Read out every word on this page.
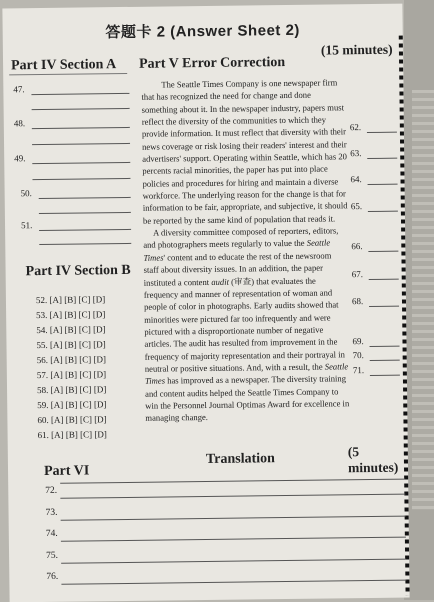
答题卡 2 (Answer Sheet 2)
Part IV Section A
47.
48.
49.
50.
51.
Part IV Section B
52. [A] [B] [C] [D]
53. [A] [B] [C] [D]
54. [A] [B] [C] [D]
55. [A] [B] [C] [D]
56. [A] [B] [C] [D]
57. [A] [B] [C] [D]
58. [A] [B] [C] [D]
59. [A] [B] [C] [D]
60. [A] [B] [C] [D]
61. [A] [B] [C] [D]
Part V Error Correction
(15 minutes)

The Seattle Times Company is one newspaper firm that has recognized the need for change and done something about it. In the newspaper industry, papers must reflect the diversity of the communities to which they provide information. It must reflect that diversity with their news coverage or risk losing their readers' interest and their advertisers' support. Operating within Seattle, which has 20 percents racial minorities, the paper has put into place policies and procedures for hiring and maintain a diverse workforce. The underlying reason for the change is that for information to be fair, appropriate, and subjective, it should be reported by the same kind of population that reads it.

A diversity committee composed of reporters, editors, and photographers meets regularly to value the Seattle Times' content and to educate the rest of the newsroom staff about diversity issues. In an addition, the paper instituted a content audit (审查) that evaluates the frequency and manner of representation of woman and people of color in photographs. Early audits showed that minorities were pictured far too infrequently and were pictured with a disproportionate number of negative articles. The audit has resulted from improvement in the frequency of majority representation and their portrayal in neutral or positive situations. And, with a result, the Seattle Times has improved as a newspaper. The diversity training and content audits helped the Seattle Times Company to win the Personnel Journal Optimas Award for excellence in managing change.

62.
63.
64.
65.
66.
67.
68.
69.
70.
71.
Part VI
Translation	(5 minutes)
72.
73.
74.
75.
76.
